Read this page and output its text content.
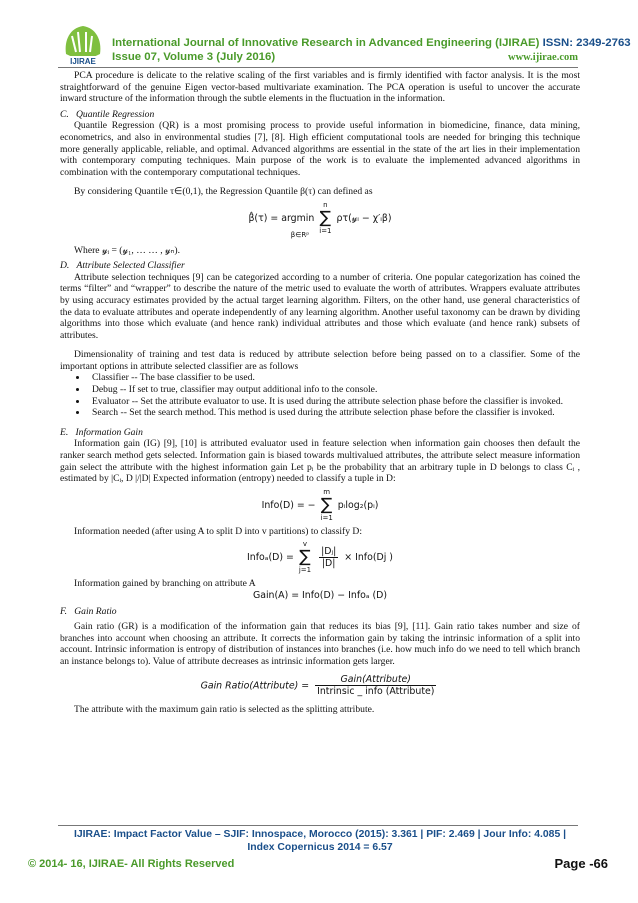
IJIRAE
International Journal of Innovative Research in Advanced Engineering (IJIRAE) ISSN: 2349-2763
Issue 07, Volume 3 (July 2016)	www.ijirae.com

PCA procedure is delicate to the relative scaling of the first variables and is firmly identified with factor analysis. It is the most straightforward of the genuine Eigen vector-based multivariate examination. The PCA operation is useful to uncover the accurate inward structure of the information through the subtle elements in the fluctuation in the information.

C.   Quantile Regression

Quantile Regression (QR) is a most promising process to provide useful information in biomedicine, finance, data mining, econometrics, and also in environmental studies [7], [8]. High efficient computational tools are needed for bringing this technique more generally applicable, reliable, and optimal. Advanced algorithms are essential in the state of the art lies in their implementation with contemporary computing techniques. Main purpose of the work is to evaluate the implemented advanced algorithms in combination with the contemporary computational techniques.

By considering Quantile τ∈(0,1), the Regression Quantile β(τ) can defined as

β̂(τ) = argmin
n
∑
i=1
ρτ(𝓎ᵢ − χ′ᵢβ)
β∈Rᵖ

Where 𝓎ᵢ = (𝓎₁, … … , 𝓎ₙ).

D.   Attribute Selected Classifier

Attribute selection techniques [9] can be categorized according to a number of criteria. One popular categorization has coined the terms “filter” and “wrapper” to describe the nature of the metric used to evaluate the worth of attributes. Wrappers evaluate attributes by using accuracy estimates provided by the actual target learning algorithm. Filters, on the other hand, use general characteristics of the data to evaluate attributes and operate independently of any learning algorithm. Another useful taxonomy can be drawn by dividing algorithms into those which evaluate (and hence rank) individual attributes and those which evaluate (and hence rank) subsets of attributes.

Dimensionality of training and test data is reduced by attribute selection before being passed on to a classifier. Some of the important options in attribute selected classifier are as follows

• Classifier -- The base classifier to be used.
• Debug -- If set to true, classifier may output additional info to the console.
• Evaluator -- Set the attribute evaluator to use. It is used during the attribute selection phase before the classifier is invoked.
• Search -- Set the search method. This method is used during the attribute selection phase before the classifier is invoked.

E.   Information Gain

Information gain (IG) [9], [10] is attributed evaluator used in feature selection when information gain chooses then default the ranker search method gets selected. Information gain is biased towards multivalued attributes, the attribute select measure information gain select the attribute with the highest information gain Let pᵢ be the probability that an arbitrary tuple in D belongs to class Cᵢ , estimated by |Cᵢ, D |/|D| Expected information (entropy) needed to classify a tuple in D:

Info(D) = −
m
∑
i=1
pᵢlog₂(pᵢ)

Information needed (after using A to split D into v partitions) to classify D:

Infoₐ(D) =
v
∑
j=1

$\frac{\text{|Dⱼ|}}{|D|}$ × Info(Dj )

Information gained by branching on attribute A

Gain(A) = Info(D) − Infoₐ (D)

F.   Gain Ratio

Gain ratio (GR) is a modification of the information gain that reduces its bias [9], [11]. Gain ratio takes number and size of branches into account when choosing an attribute. It corrects the information gain by taking the intrinsic information of a split into account. Intrinsic information is entropy of distribution of instances into branches (i.e. how much info do we need to tell which branch an instance belongs to). Value of attribute decreases as intrinsic information gets larger.

Gain Ratio(Attribute) = $\frac{\text{Gain(Attribute)}}{\text{Intrinsic \_ info (Attribute)}}$

The attribute with the maximum gain ratio is selected as the splitting attribute.

IJIRAE: Impact Factor Value – SJIF: Innospace, Morocco (2015): 3.361 | PIF: 2.469 | Jour Info: 4.085 |
Index Copernicus 2014 = 6.57
© 2014- 16, IJIRAE- All Rights Reserved	Page -66
